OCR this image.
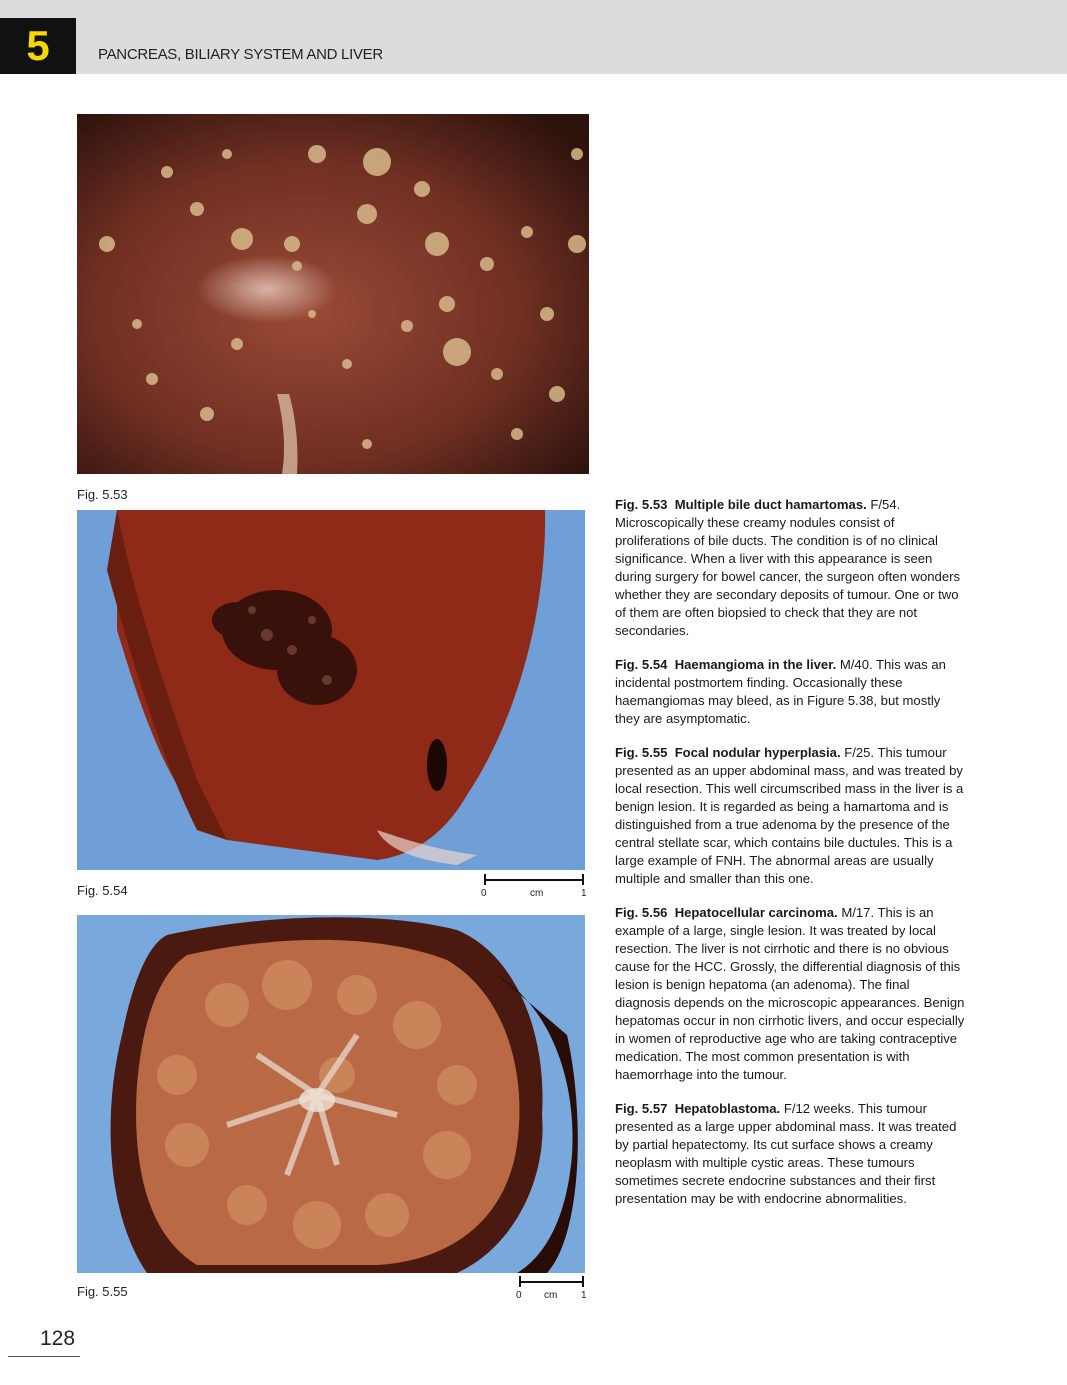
5	PANCREAS, BILIARY SYSTEM AND LIVER
Fig. 5.53
Fig. 5.54	0	cm	1
Fig. 5.55	0 cm 1

Fig. 5.53 Multiple bile duct hamartomas. F/54. Microscopically these creamy nodules consist of proliferations of bile ducts. The condition is of no clinical significance. When a liver with this appearance is seen during surgery for bowel cancer, the surgeon often wonders whether they are secondary deposits of tumour. One or two of them are often biopsied to check that they are not secondaries.

Fig. 5.54 Haemangioma in the liver. M/40. This was an incidental postmortem finding. Occasionally these haemangiomas may bleed, as in Figure 5.38, but mostly they are asymptomatic.

Fig. 5.55 Focal nodular hyperplasia. F/25. This tumour presented as an upper abdominal mass, and was treated by local resection. This well circumscribed mass in the liver is a benign lesion. It is regarded as being a hamartoma and is distinguished from a true adenoma by the presence of the central stellate scar, which contains bile ductules. This is a large example of FNH. The abnormal areas are usually multiple and smaller than this one.

Fig. 5.56 Hepatocellular carcinoma. M/17. This is an example of a large, single lesion. It was treated by local resection. The liver is not cirrhotic and there is no obvious cause for the HCC. Grossly, the differential diagnosis of this lesion is benign hepatoma (an adenoma). The final diagnosis depends on the microscopic appearances. Benign hepatomas occur in non cirrhotic livers, and occur especially in women of reproductive age who are taking contraceptive medication. The most common presentation is with haemorrhage into the tumour.

Fig. 5.57 Hepatoblastoma. F/12 weeks. This tumour presented as a large upper abdominal mass. It was treated by partial hepatectomy. Its cut surface shows a creamy neoplasm with multiple cystic areas. These tumours sometimes secrete endocrine substances and their first presentation may be with endocrine abnormalities.

128
